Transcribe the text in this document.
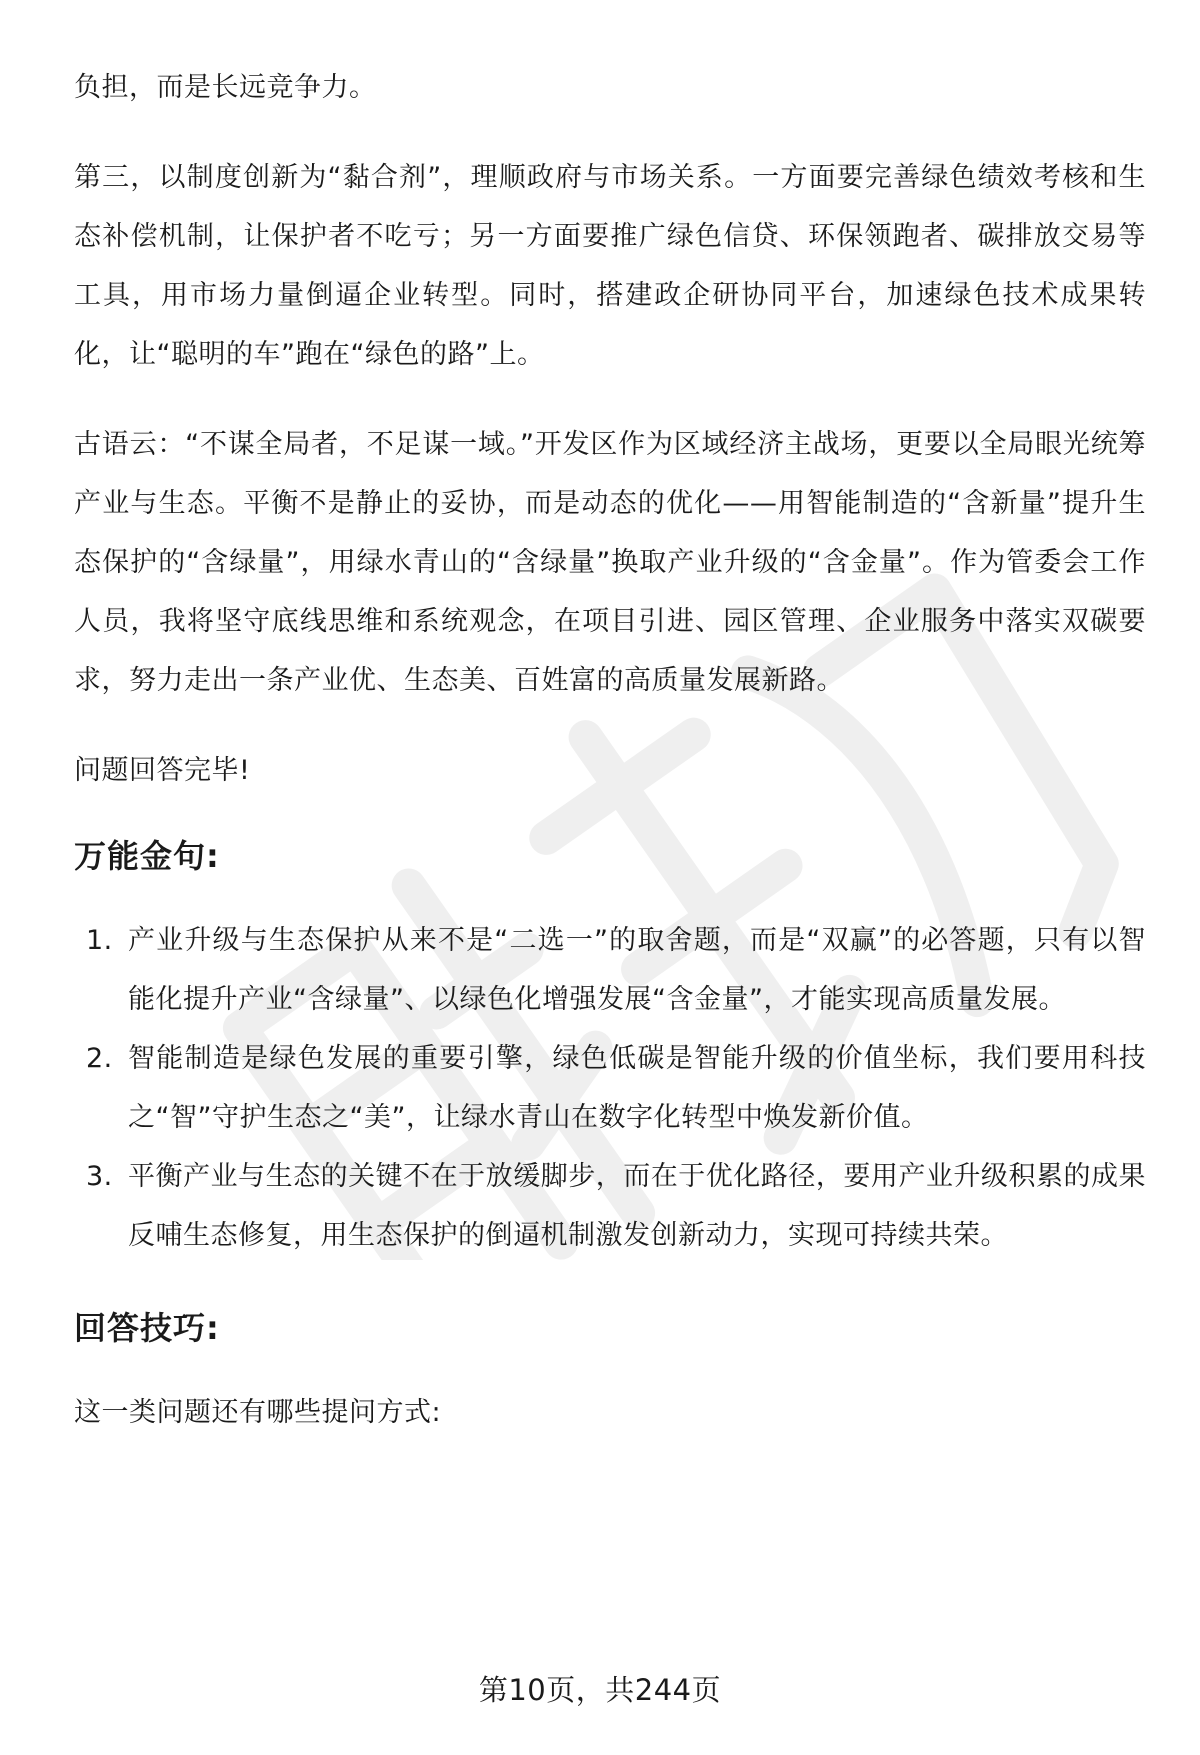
负担，而是长远竞争力。

第三，以制度创新为“黏合剂”，理顺政府与市场关系。一方面要完善绿色绩效考核和生态补偿机制，让保护者不吃亏；另一方面要推广绿色信贷、环保领跑者、碳排放交易等工具，用市场力量倒逼企业转型。同时，搭建政企研协同平台，加速绿色技术成果转化，让“聪明的车”跑在“绿色的路”上。

古语云：“不谋全局者，不足谋一域。”开发区作为区域经济主战场，更要以全局眼光统筹产业与生态。平衡不是静止的妥协，而是动态的优化——用智能制造的“含新量”提升生态保护的“含绿量”，用绿水青山的“含绿量”换取产业升级的“含金量”。作为管委会工作人员，我将坚守底线思维和系统观念，在项目引进、园区管理、企业服务中落实双碳要求，努力走出一条产业优、生态美、百姓富的高质量发展新路。

问题回答完毕!

万能金句:
1. 产业升级与生态保护从来不是“二选一”的取舍题，而是“双赢”的必答题，只有以智能化提升产业“含绿量”、以绿色化增强发展“含金量”，才能实现高质量发展。
2. 智能制造是绿色发展的重要引擎，绿色低碳是智能升级的价值坐标，我们要用科技之“智”守护生态之“美”，让绿水青山在数字化转型中焕发新价值。
3. 平衡产业与生态的关键不在于放缓脚步，而在于优化路径，要用产业升级积累的成果反哺生态修复，用生态保护的倒逼机制激发创新动力，实现可持续共荣。
回答技巧:

这一类问题还有哪些提问方式:

第10页，共244页
